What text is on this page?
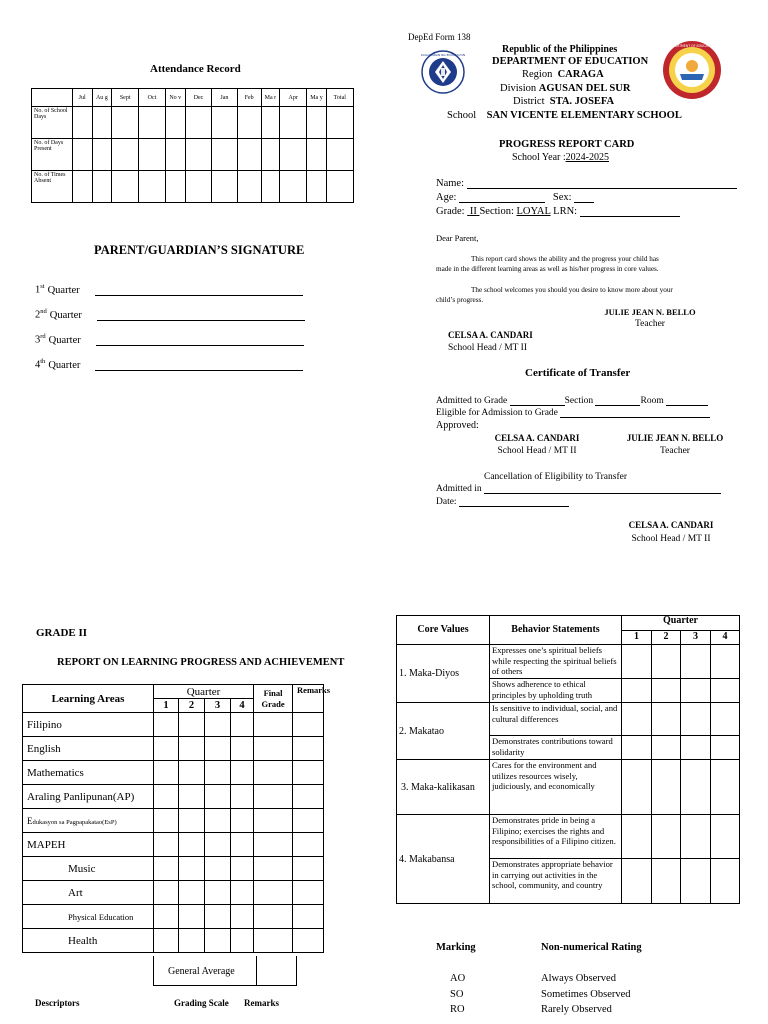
Attendance Record
	Jul	Au g	Sept	Oct	No v	Dec	Jan	Feb	Ma r	Apr	Ma y	Total
No. of School Days												
No. of Days Present												
No. of Times Absent												
PARENT/GUARDIAN’S SIGNATURE
1st Quarter
2nd Quarter
3rd Quarter
4th Quarter
DepEd Form 138
KAGAWARAN NG EDUKASYON	Republic of the Philippines
DEPARTMENT OF EDUCATION
Region CARAGA
Division AGUSAN DEL SUR
District STA. JOSEFA
School SAN VICENTE ELEMENTARY SCHOOL
DEPARTMENT OF EDUCATION
PROGRESS REPORT CARD
School Year :2024-2025
Name:
Age:	Sex:
Grade: II Section: LOYAL LRN:
Dear Parent,
This report card shows the ability and the progress your child has
made in the different learning areas as well as his/her progress in core values.
The school welcomes you should you desire to know more about your
child’s progress.
JULIE JEAN N. BELLO
Teacher
CELSA A. CANDARI
School Head / MT II
Certificate of Transfer
Admitted to Grade	Section	Room
Eligible for Admission to Grade
Approved:
CELSA A. CANDARI
School Head / MT II
JULIE JEAN N. BELLO
Teacher
Cancellation of Eligibility to Transfer
Admitted in
Date:
CELSA A. CANDARI
School Head / MT II
GRADE II
REPORT ON LEARNING PROGRESS AND ACHIEVEMENT
Learning Areas	Quarter				Final Grade	Remarks
	1	2	3	4		
Filipino						
English						
Mathematics						
Araling Panlipunan(AP)						
Edukasyon sa Pagpapakatao(EsP)						
MAPEH						
Music						
Art						
Physical Education						
Health						
General Average
Descriptors	Grading Scale Remarks
Core Values	Behavior Statements	Quarter			
		1	2	3	4
1. Maka-Diyos	Expresses one’s spiritual beliefs while respecting the spiritual beliefs of others				
	Shows adherence to ethical principles by upholding truth				
2. Makatao	Is sensitive to individual, social, and cultural differences				
	Demonstrates contributions toward solidarity				
3. Maka-kalikasan	Cares for the environment and utilizes resources wisely, judiciously, and economically				
4. Makabansa	Demonstrates pride in being a Filipino; exercises the rights and responsibilities of a Filipino citizen.				
	Demonstrates appropriate behavior in carrying out activities in the school, community, and country				
Marking	Non-numerical Rating
AO	Always Observed
SO	Sometimes Observed
RO	Rarely Observed
